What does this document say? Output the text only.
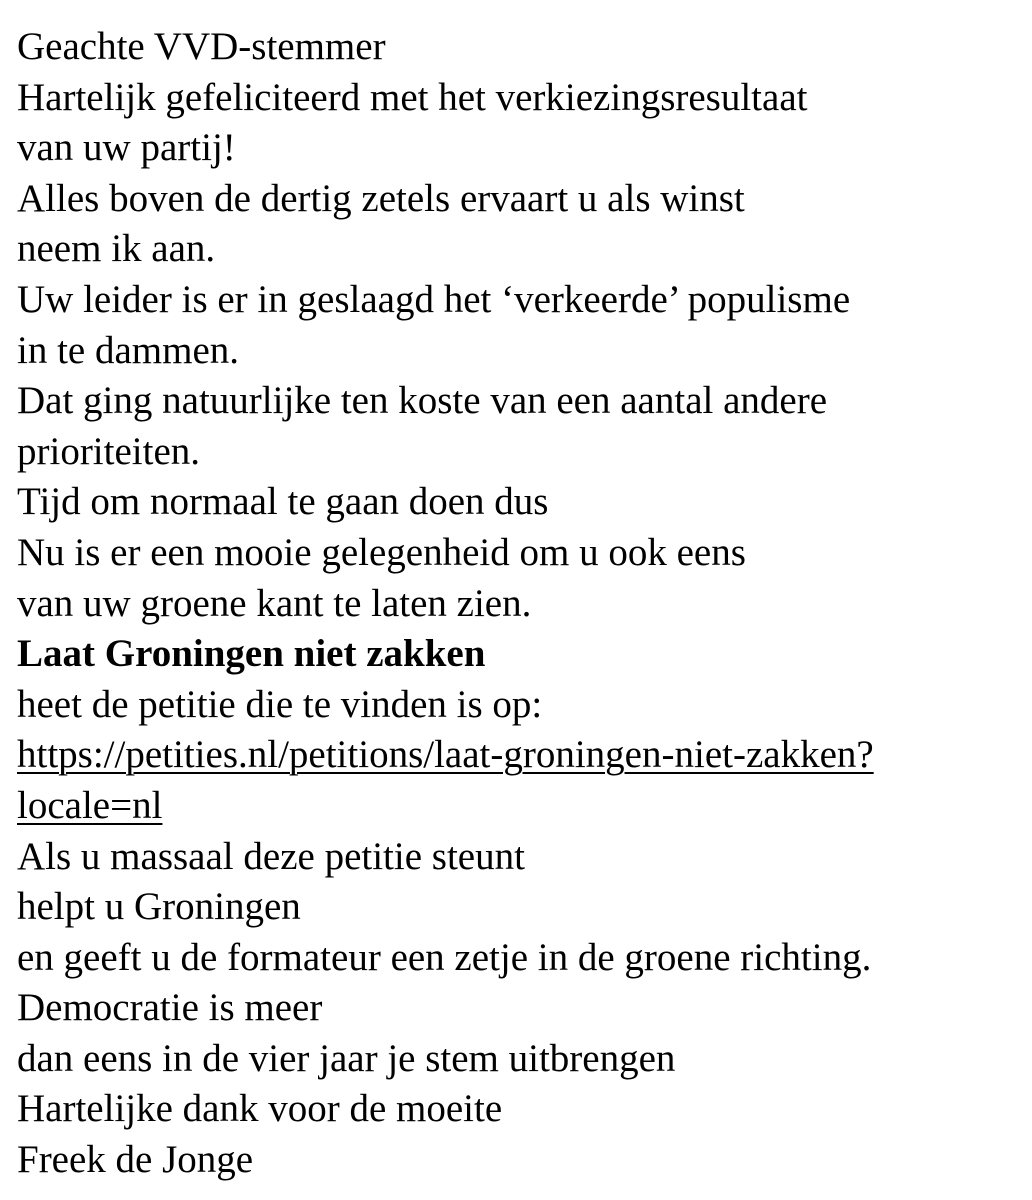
Geachte VVD-stemmer
Hartelijk gefeliciteerd met het verkiezingsresultaat
van uw partij!
Alles boven de dertig zetels ervaart u als winst
neem ik aan.
Uw leider is er in geslaagd het ‘verkeerde’ populisme
in te dammen.
Dat ging natuurlijke ten koste van een aantal andere
prioriteiten.
Tijd om normaal te gaan doen dus
Nu is er een mooie gelegenheid om u ook eens
van uw groene kant te laten zien.
Laat Groningen niet zakken
heet de petitie die te vinden is op:
https://petities.nl/petitions/laat-groningen-niet-zakken?
locale=nl
Als u massaal deze petitie steunt
helpt u Groningen
en geeft u de formateur een zetje in de groene richting.
Democratie is meer
dan eens in de vier jaar je stem uitbrengen
Hartelijke dank voor de moeite
Freek de Jonge
